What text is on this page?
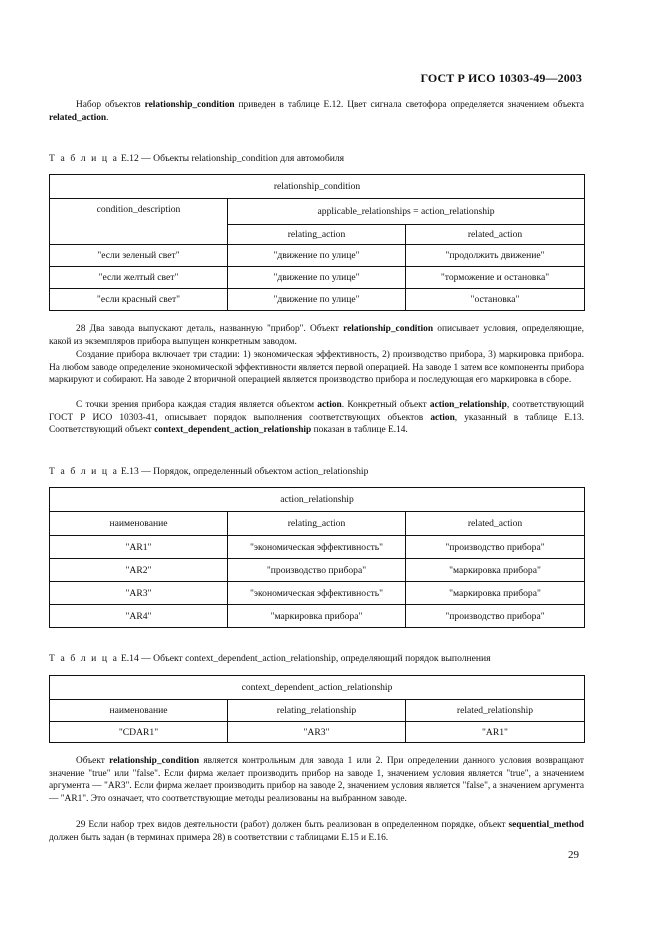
ГОСТ Р ИСО 10303-49—2003

Набор объектов relationship_condition приведен в таблице Е.12. Цвет сигнала светофора определяется значением объекта related_action.

Т а б л и ц а Е.12 — Объекты relationship_condition для автомобиля
relationship_condition		
condition_description	applicable_relationships = action_relationship	
	relating_action	related_action
"если зеленый свет"	"движение по улице"	"продолжить движение"
"если желтый свет"	"движение по улице"	"торможение и остановка"
"если красный свет"	"движение по улице"	"остановка"

28 Два завода выпускают деталь, названную "прибор". Объект relationship_condition описывает условия, определяющие, какой из экземпляров прибора выпущен конкретным заводом.

Создание прибора включает три стадии: 1) экономическая эффективность, 2) производство прибора, 3) маркировка прибора. На любом заводе определение экономической эффективности является первой операцией. На заводе 1 затем все компоненты прибора маркируют и собирают. На заводе 2 вторичной операцией является производство прибора и последующая его маркировка в сборе.

С точки зрения прибора каждая стадия является объектом action. Конкретный объект action_relationship, соответствующий ГОСТ Р ИСО 10303-41, описывает порядок выполнения соответствующих объектов action, указанный в таблице Е.13. Соответствующий объект context_dependent_action_relationship показан в таблице Е.14.

Т а б л и ц а Е.13 — Порядок, определенный объектом action_relationship
action_relationship		
наименование	relating_action	related_action
"AR1"	"экономическая эффективность"	"производство прибора"
"AR2"	"производство прибора"	"маркировка прибора"
"AR3"	"экономическая эффективность"	"маркировка прибора"
"AR4"	"маркировка прибора"	"производство прибора"
Т а б л и ц а Е.14 — Объект context_dependent_action_relationship, определяющий порядок выполнения
context_dependent_action_relationship		
наименование	relating_relationship	related_relationship
"CDAR1"	"AR3"	"AR1"

Объект relationship_condition является контрольным для завода 1 или 2. При определении данного условия возвращают значение "true" или "false". Если фирма желает производить прибор на заводе 1, значением условия является "true", а значением аргумента — "AR3". Если фирма желает производить прибор на заводе 2, значением условия является "false", а значением аргумента — "AR1". Это означает, что соответствующие методы реализованы на выбранном заводе.

29 Если набор трех видов деятельности (работ) должен быть реализован в определенном порядке, объект sequential_method должен быть задан (в терминах примера 28) в соответствии с таблицами Е.15 и Е.16.

29
